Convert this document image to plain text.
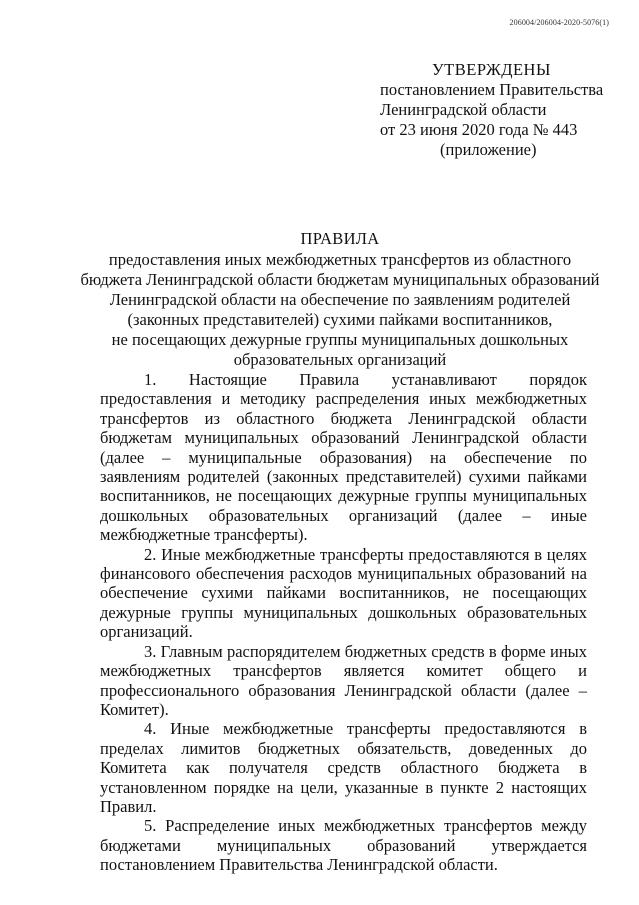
206004/206004-2020-5076(1)
УТВЕРЖДЕНЫ
постановлением Правительства
Ленинградской области
от 23 июня 2020 года № 443
(приложение)
ПРАВИЛА
предоставления иных межбюджетных трансфертов из областного
бюджета Ленинградской области бюджетам муниципальных образований
Ленинградской области на обеспечение по заявлениям родителей
(законных представителей) сухими пайками воспитанников,
не посещающих дежурные группы муниципальных дошкольных
образовательных организаций

1. Настоящие Правила устанавливают порядок предоставления и методику распределения иных межбюджетных трансфертов из областного бюджета Ленинградской области бюджетам муниципальных образований Ленинградской области (далее – муниципальные образования) на обеспечение по заявлениям родителей (законных представителей) сухими пайками воспитанников, не посещающих дежурные группы муниципальных дошкольных образовательных организаций (далее – иные межбюджетные трансферты).

2. Иные межбюджетные трансферты предоставляются в целях финансового обеспечения расходов муниципальных образований на обеспечение сухими пайками воспитанников, не посещающих дежурные группы муниципальных дошкольных образовательных организаций.

3. Главным распорядителем бюджетных средств в форме иных межбюджетных трансфертов является комитет общего и профессионального образования Ленинградской области (далее – Комитет).

4. Иные межбюджетные трансферты предоставляются в пределах лимитов бюджетных обязательств, доведенных до Комитета как получателя средств областного бюджета в установленном порядке на цели, указанные в пункте 2 настоящих Правил.

5. Распределение иных межбюджетных трансфертов между бюджетами муниципальных образований утверждается постановлением Правительства Ленинградской области.
